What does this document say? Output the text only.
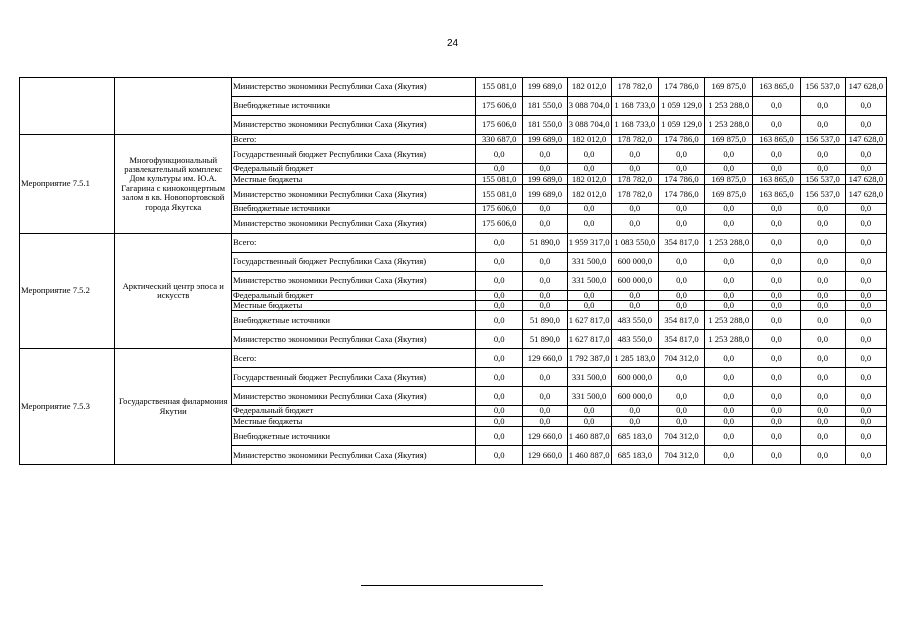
24
		Министерство экономики Республики Саха (Якутия)	155 081,0	199 689,0	182 012,0	178 782,0	174 786,0	169 875,0	163 865,0	156 537,0	147 628,0
		Внебюджетные источники	175 606,0	181 550,0	3 088 704,0	1 168 733,0	1 059 129,0	1 253 288,0	0,0	0,0	0,0
		Министерство экономики Республики Саха (Якутия)	175 606,0	181 550,0	3 088 704,0	1 168 733,0	1 059 129,0	1 253 288,0	0,0	0,0	0,0
Мероприятие 7.5.1	Многофункциональный развлекательный комплекс Дом культуры им. Ю.А. Гагарина с киноконцертным залом в кв. Новопортовской города Якутска	Всего:	330 687,0	199 689,0	182 012,0	178 782,0	174 786,0	169 875,0	163 865,0	156 537,0	147 628,0
		Государственный бюджет Республики Саха (Якутия)	0,0	0,0	0,0	0,0	0,0	0,0	0,0	0,0	0,0
		Федеральный бюджет	0,0	0,0	0,0	0,0	0,0	0,0	0,0	0,0	0,0
		Местные бюджеты	155 081,0	199 689,0	182 012,0	178 782,0	174 786,0	169 875,0	163 865,0	156 537,0	147 628,0
		Министерство экономики Республики Саха (Якутия)	155 081,0	199 689,0	182 012,0	178 782,0	174 786,0	169 875,0	163 865,0	156 537,0	147 628,0
		Внебюджетные источники	175 606,0	0,0	0,0	0,0	0,0	0,0	0,0	0,0	0,0
		Министерство экономики Республики Саха (Якутия)	175 606,0	0,0	0,0	0,0	0,0	0,0	0,0	0,0	0,0
Мероприятие 7.5.2	Арктический центр эпоса и искусств	Всего:	0,0	51 890,0	1 959 317,0	1 083 550,0	354 817,0	1 253 288,0	0,0	0,0	0,0
		Государственный бюджет Республики Саха (Якутия)	0,0	0,0	331 500,0	600 000,0	0,0	0,0	0,0	0,0	0,0
		Министерство экономики Республики Саха (Якутия)	0,0	0,0	331 500,0	600 000,0	0,0	0,0	0,0	0,0	0,0
		Федеральный бюджет	0,0	0,0	0,0	0,0	0,0	0,0	0,0	0,0	0,0
		Местные бюджеты	0,0	0,0	0,0	0,0	0,0	0,0	0,0	0,0	0,0
		Внебюджетные источники	0,0	51 890,0	1 627 817,0	483 550,0	354 817,0	1 253 288,0	0,0	0,0	0,0
		Министерство экономики Республики Саха (Якутия)	0,0	51 890,0	1 627 817,0	483 550,0	354 817,0	1 253 288,0	0,0	0,0	0,0
Мероприятие 7.5.3	Государственная филармония Якутии	Всего:	0,0	129 660,0	1 792 387,0	1 285 183,0	704 312,0	0,0	0,0	0,0	0,0
		Государственный бюджет Республики Саха (Якутия)	0,0	0,0	331 500,0	600 000,0	0,0	0,0	0,0	0,0	0,0
		Министерство экономики Республики Саха (Якутия)	0,0	0,0	331 500,0	600 000,0	0,0	0,0	0,0	0,0	0,0
		Федеральный бюджет	0,0	0,0	0,0	0,0	0,0	0,0	0,0	0,0	0,0
		Местные бюджеты	0,0	0,0	0,0	0,0	0,0	0,0	0,0	0,0	0,0
		Внебюджетные источники	0,0	129 660,0	1 460 887,0	685 183,0	704 312,0	0,0	0,0	0,0	0,0
		Министерство экономики Республики Саха (Якутия)	0,0	129 660,0	1 460 887,0	685 183,0	704 312,0	0,0	0,0	0,0	0,0
